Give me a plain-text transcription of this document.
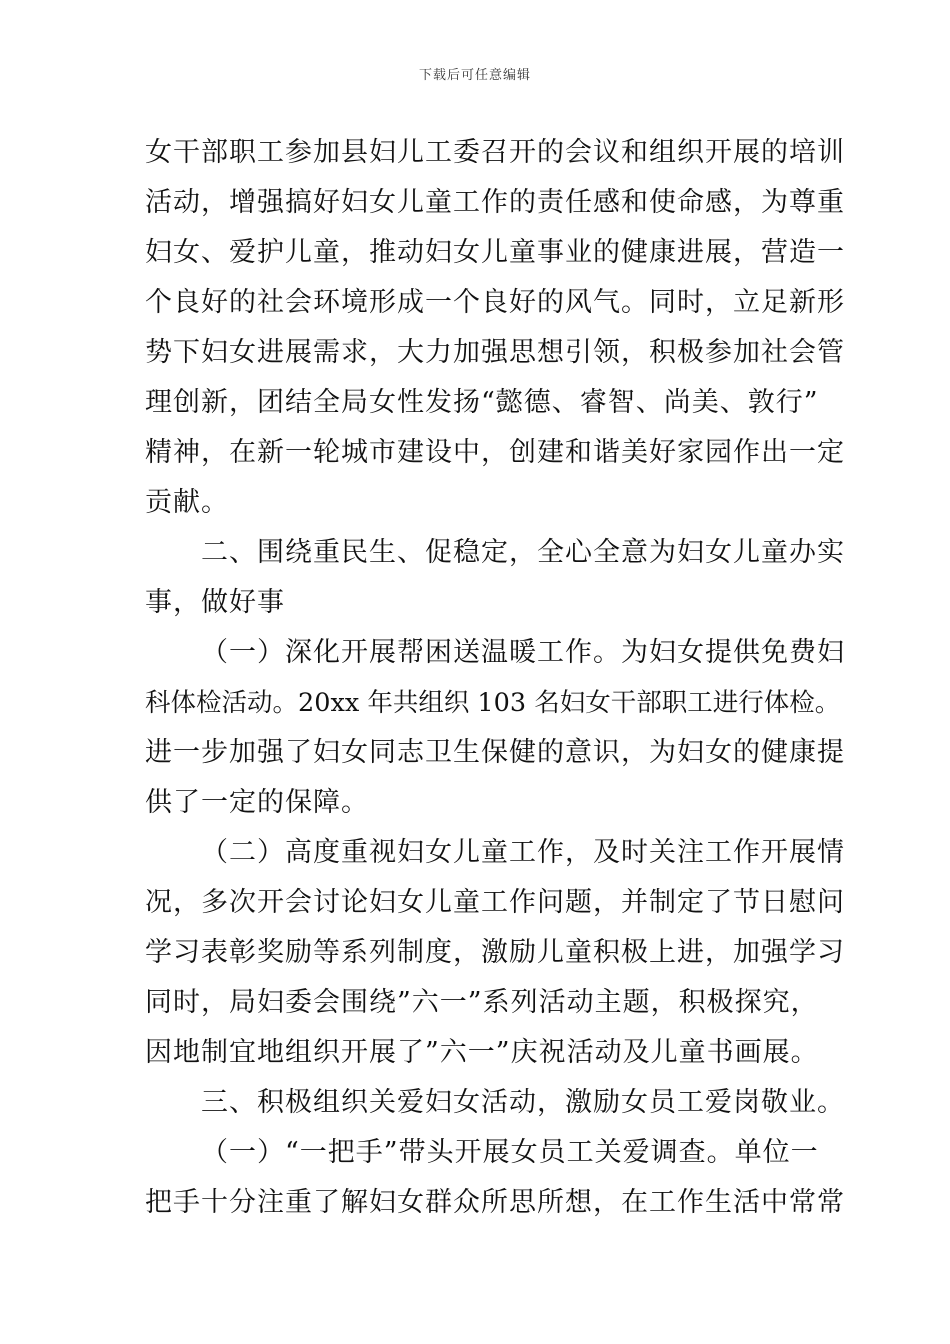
下载后可任意编辑
女干部职工参加县妇儿工委召开的会议和组织开展的培训
活动，增强搞好妇女儿童工作的责任感和使命感，为尊重
妇女、爱护儿童，推动妇女儿童事业的健康进展，营造一
个良好的社会环境形成一个良好的风气。同时，立足新形
势下妇女进展需求，大力加强思想引领，积极参加社会管
理创新，团结全局女性发扬“懿德、睿智、尚美、敦行”
精神，在新一轮城市建设中，创建和谐美好家园作出一定
贡献。
二、围绕重民生、促稳定，全心全意为妇女儿童办实
事，做好事
（一）深化开展帮困送温暖工作。为妇女提供免费妇
科体检活动。20xx 年共组织 103 名妇女干部职工进行体检。
进一步加强了妇女同志卫生保健的意识，为妇女的健康提
供了一定的保障。
（二）高度重视妇女儿童工作，及时关注工作开展情
况，多次开会讨论妇女儿童工作问题，并制定了节日慰问
学习表彰奖励等系列制度，激励儿童积极上进，加强学习
同时，局妇委会围绕”六一”系列活动主题，积极探究，
因地制宜地组织开展了”六一”庆祝活动及儿童书画展。
三、积极组织关爱妇女活动，激励女员工爱岗敬业。
（一）“一把手”带头开展女员工关爱调查。单位一
把手十分注重了解妇女群众所思所想，在工作生活中常常
